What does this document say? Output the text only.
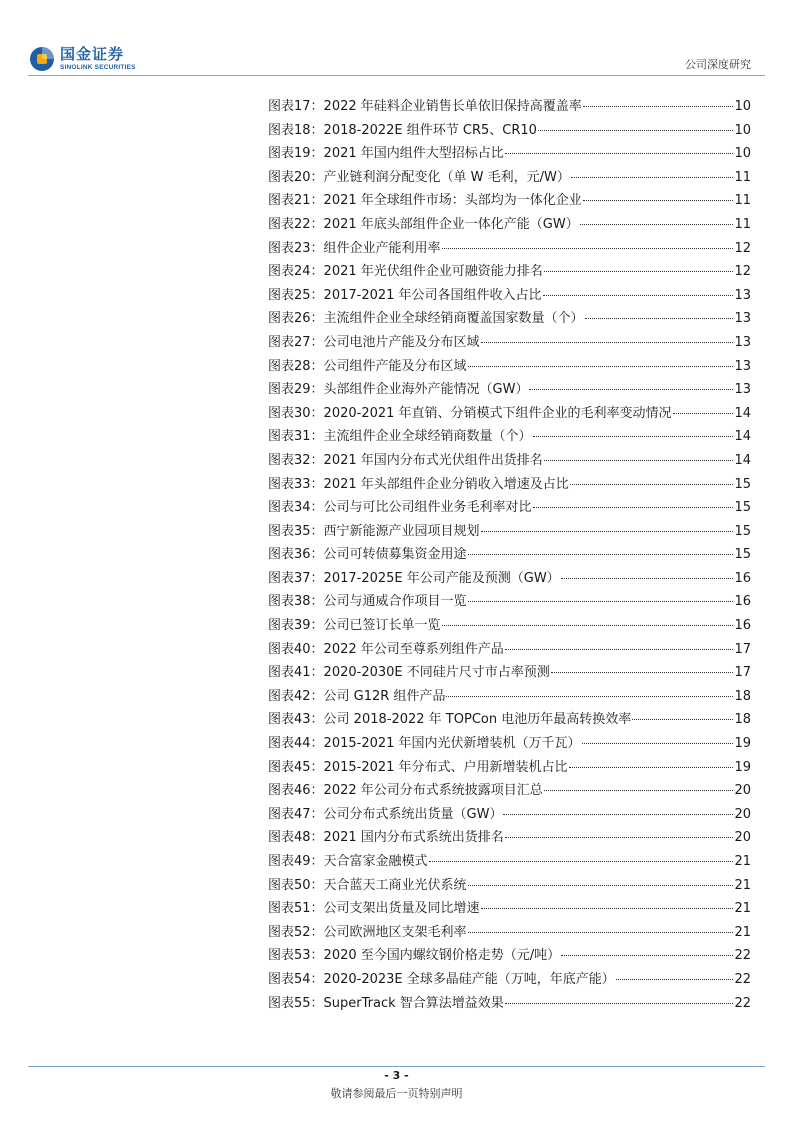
国金证券
SINOLINK SECURITIES	公司深度研究
图表17： 2022 年硅料企业销售长单依旧保持高覆盖率	10
图表18： 2018-2022E 组件环节 CR5、CR10	10
图表19： 2021 年国内组件大型招标占比	10
图表20： 产业链利润分配变化（单 W 毛利，元/W）	11
图表21： 2021 年全球组件市场：头部均为一体化企业	11
图表22： 2021 年底头部组件企业一体化产能（GW）	11
图表23： 组件企业产能利用率	12
图表24： 2021 年光伏组件企业可融资能力排名	12
图表25： 2017-2021 年公司各国组件收入占比	13
图表26： 主流组件企业全球经销商覆盖国家数量（个）	13
图表27： 公司电池片产能及分布区域	13
图表28： 公司组件产能及分布区域	13
图表29： 头部组件企业海外产能情况（GW）	13
图表30： 2020-2021 年直销、分销模式下组件企业的毛利率变动情况	14
图表31： 主流组件企业全球经销商数量（个）	14
图表32： 2021 年国内分布式光伏组件出货排名	14
图表33： 2021 年头部组件企业分销收入增速及占比	15
图表34： 公司与可比公司组件业务毛利率对比	15
图表35： 西宁新能源产业园项目规划	15
图表36： 公司可转债募集资金用途	15
图表37： 2017-2025E 年公司产能及预测（GW）	16
图表38： 公司与通威合作项目一览	16
图表39： 公司已签订长单一览	16
图表40： 2022 年公司至尊系列组件产品	17
图表41： 2020-2030E 不同硅片尺寸市占率预测	17
图表42： 公司 G12R 组件产品	18
图表43： 公司 2018-2022 年 TOPCon 电池历年最高转换效率	18
图表44： 2015-2021 年国内光伏新增装机（万千瓦）	19
图表45： 2015-2021 年分布式、户用新增装机占比	19
图表46： 2022 年公司分布式系统披露项目汇总	20
图表47： 公司分布式系统出货量（GW）	20
图表48： 2021 国内分布式系统出货排名	20
图表49： 天合富家金融模式	21
图表50： 天合蓝天工商业光伏系统	21
图表51： 公司支架出货量及同比增速	21
图表52： 公司欧洲地区支架毛利率	21
图表53： 2020 至今国内螺纹钢价格走势（元/吨）	22
图表54： 2020-2023E 全球多晶硅产能（万吨，年底产能）	22
图表55： SuperTrack 智合算法增益效果	22
- 3 -
敬请参阅最后一页特别声明
